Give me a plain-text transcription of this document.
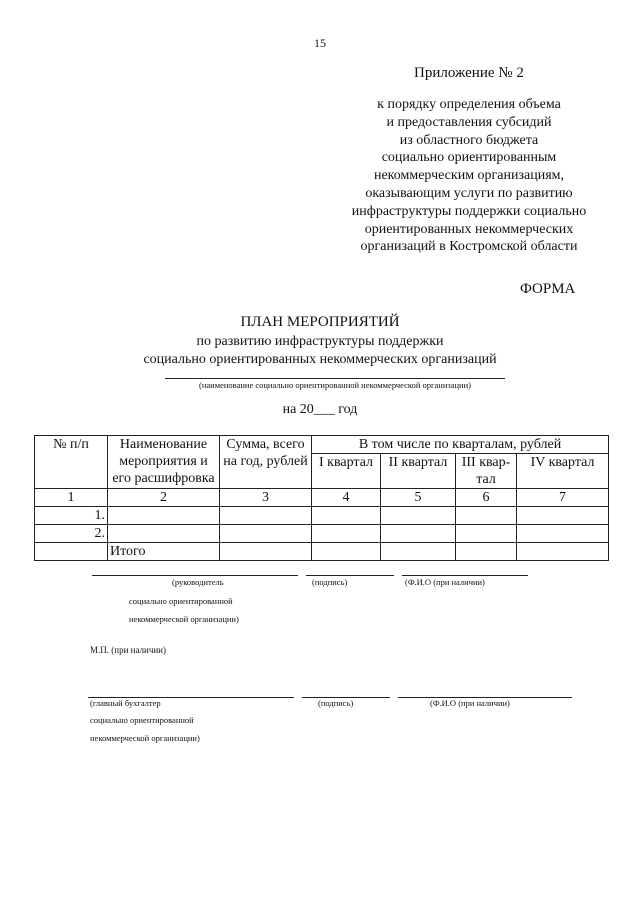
15
Приложение № 2
к порядку определения объема
и предоставления субсидий
из областного бюджета
социально ориентированным
некоммерческим организациям,
оказывающим услуги по развитию
инфраструктуры поддержки социально
ориентированных некоммерческих
организаций в Костромской области
ФОРМА
ПЛАН МЕРОПРИЯТИЙ
по развитию инфраструктуры поддержки
социально ориентированных некоммерческих организаций
(наименование социально ориентированной некоммерческой организации)
на 20___ год
№ п/п	Наименование мероприятия и его расшифровка	Сумма, всего на год, рублей	В том числе по кварталам, рублей			
			I квартал	II квартал	III квар-тал	IV квартал
1	2	3	4	5	6	7
1.						
2.						
	Итого					
(руководитель	(подпись)	(Ф.И.О (при наличии)
социально ориентированной
некоммерческой организации)
М.П. (при наличии)
(главный бухгалтер	(подпись)	(Ф.И.О (при наличии)
социально ориентированной
некоммерческой организации)
